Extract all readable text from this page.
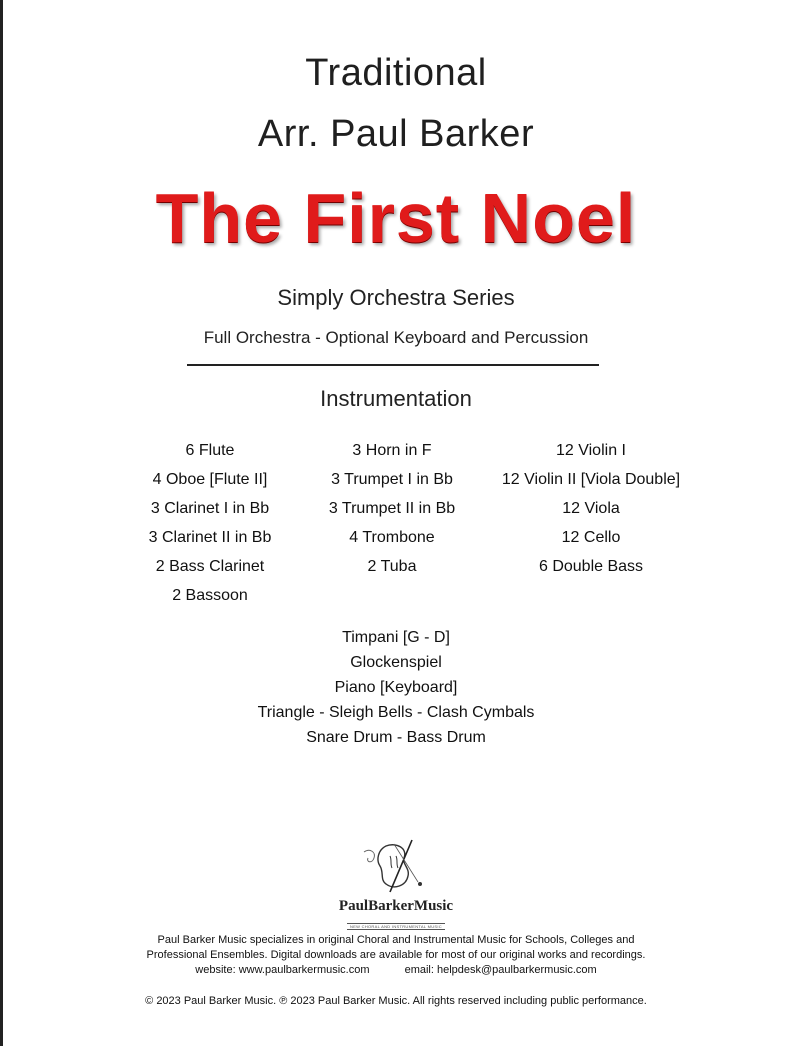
Traditional
Arr. Paul Barker
The First Noel
Simply Orchestra Series
Full Orchestra - Optional Keyboard and Percussion
Instrumentation
6 Flute
4 Oboe [Flute II]
3 Clarinet I in Bb
3 Clarinet II in Bb
2 Bass Clarinet
2 Bassoon
3 Horn in F
3 Trumpet I in Bb
3 Trumpet II in Bb
4 Trombone
2 Tuba
12 Violin I
12 Violin II [Viola Double]
12 Viola
12 Cello
6 Double Bass
Timpani [G - D]
Glockenspiel
Piano [Keyboard]
Triangle - Sleigh Bells - Clash Cymbals
Snare Drum - Bass Drum
PaulBarkerMusic
NEW CHORAL AND INSTRUMENTAL MUSIC
Paul Barker Music specializes in original Choral and Instrumental Music for Schools, Colleges and
Professional Ensembles. Digital downloads are available for most of our original works and recordings.
website: www.paulbarkermusic.com	email: helpdesk@paulbarkermusic.com
© 2023 Paul Barker Music. ℗ 2023 Paul Barker Music. All rights reserved including public performance.
